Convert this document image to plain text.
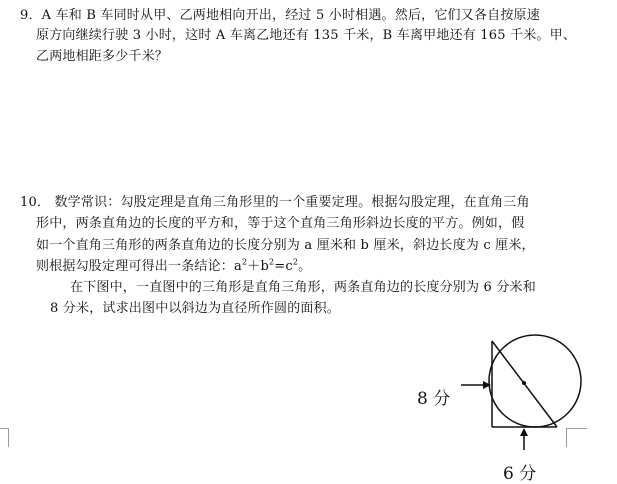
9．A 车和 B 车同时从甲、乙两地相向开出，经过 5 小时相遇。然后，它们又各自按原速
原方向继续行驶 3 小时，这时 A 车离乙地还有 135 千米，B 车离甲地还有 165 千米。甲、
乙两地相距多少千米？
10． 数学常识：勾股定理是直角三角形里的一个重要定理。根据勾股定理，在直角三角
形中，两条直角边的长度的平方和，等于这个直角三角形斜边长度的平方。例如，假
如一个直角三角形的两条直角边的长度分别为 a 厘米和 b 厘米，斜边长度为 c 厘米，
则根据勾股定理可得出一条结论：$a^2+b^2=c^2$。
在下图中，一直图中的三角形是直角三角形，两条直角边的长度分别为 6 分米和
8 分米，试求出图中以斜边为直径所作圆的面积。
8 分
6 分
